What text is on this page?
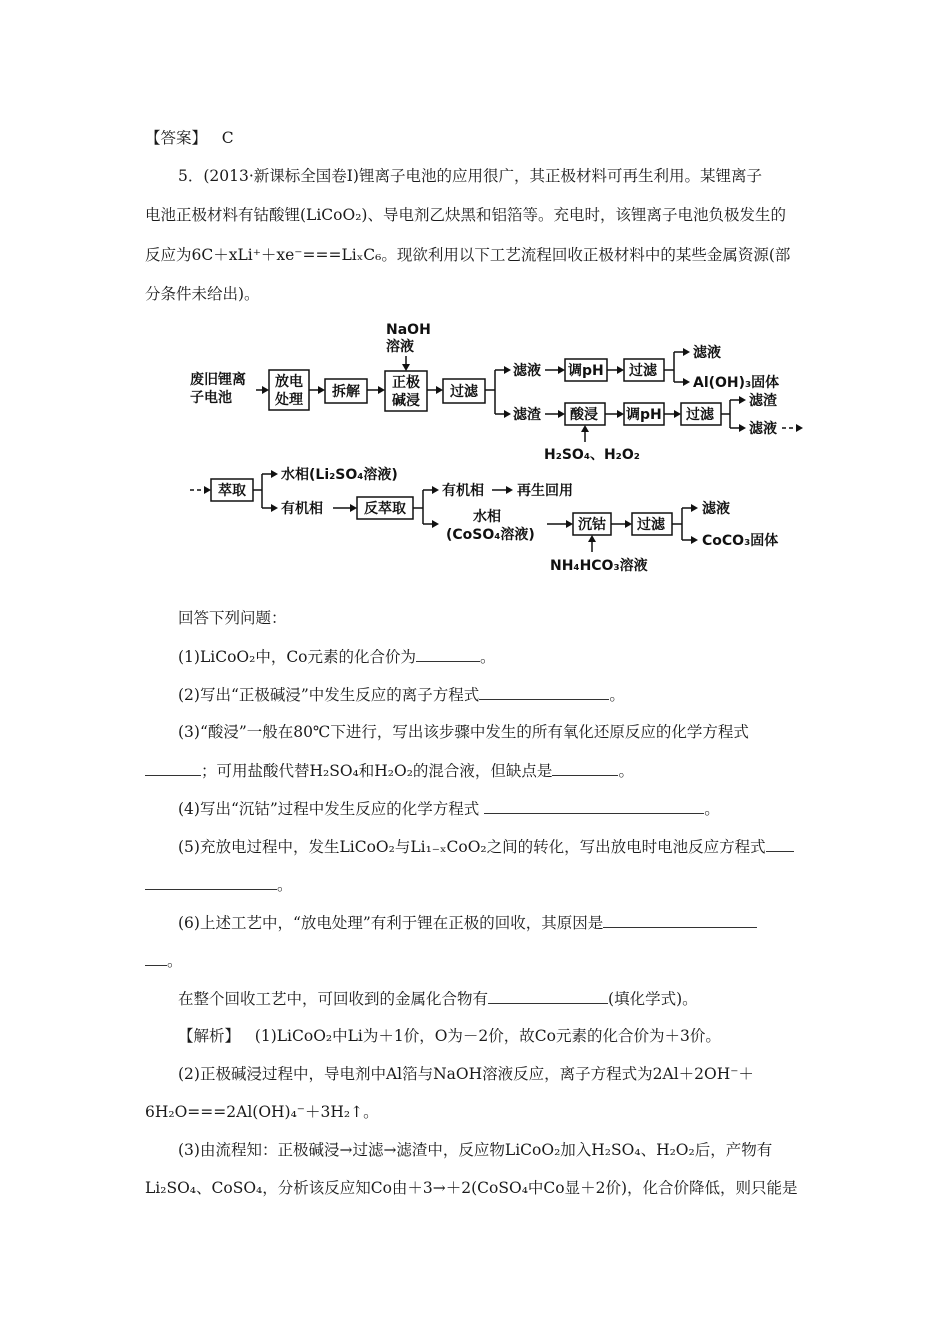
【答案】 C
5．(2013·新课标全国卷Ⅰ)锂离子电池的应用很广，其正极材料可再生利用。某锂离子
电池正极材料有钴酸锂(LiCoO₂)、导电剂乙炔黑和铝箔等。充电时，该锂离子电池负极发生的
反应为6C＋xLi⁺＋xe⁻===LiₓC₆。现欲利用以下工艺流程回收正极材料中的某些金属资源(部
分条件未给出)。
废旧锂离
子电池
放电
处理 拆解
NaOH
溶液
正极
碱浸
过滤
滤液 调pH 过滤
滤液
Al(OH)₃固体
滤渣 酸浸
H₂SO₄、H₂O₂
调pH 过滤
滤渣
滤液
萃取
水相(Li₂SO₄溶液)
有机相	反萃取
有机相 再生回用
水相
(CoSO₄溶液)
沉钴
NH₄HCO₃溶液
过滤
滤液
CoCO₃固体
回答下列问题：
(1)LiCoO₂中，Co元素的化合价为	。
(2)写出“正极碱浸”中发生反应的离子方程式	。
(3)“酸浸”一般在80℃下进行，写出该步骤中发生的所有氧化还原反应的化学方程式
；可用盐酸代替H₂SO₄和H₂O₂的混合液，但缺点是	。
(4)写出“沉钴”过程中发生反应的化学方程式	。
(5)充放电过程中，发生LiCoO₂与Li₁₋ₓCoO₂之间的转化，写出放电时电池反应方程式
。
(6)上述工艺中，“放电处理”有利于锂在正极的回收，其原因是
。
在整个回收工艺中，可回收到的金属化合物有	(填化学式)。
【解析】 (1)LiCoO₂中Li为＋1价，O为－2价，故Co元素的化合价为＋3价。
(2)正极碱浸过程中，导电剂中Al箔与NaOH溶液反应，离子方程式为2Al＋2OH⁻＋
6H₂O===2Al(OH)₄⁻＋3H₂↑。
(3)由流程知：正极碱浸→过滤→滤渣中，反应物LiCoO₂加入H₂SO₄、H₂O₂后，产物有
Li₂SO₄、CoSO₄，分析该反应知Co由＋3→＋2(CoSO₄中Co显＋2价)，化合价降低，则只能是
